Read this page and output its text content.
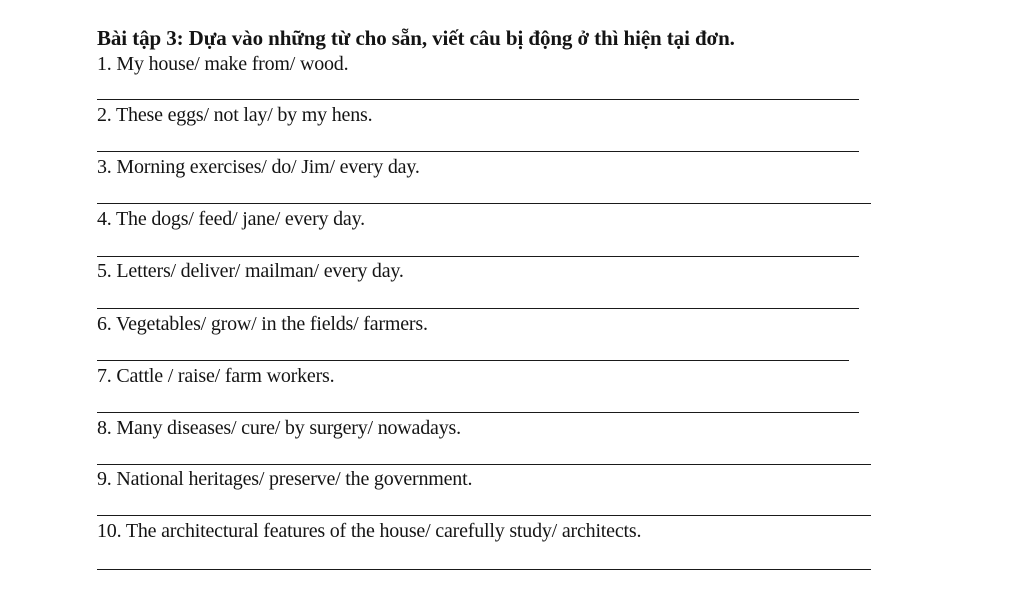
Bài tập 3: Dựa vào những từ cho sẵn, viết câu bị động ở thì hiện tại đơn.
1. My house/ make from/ wood.
2. These eggs/ not lay/ by my hens.
3. Morning exercises/ do/ Jim/ every day.
4. The dogs/ feed/ jane/ every day.
5. Letters/ deliver/ mailman/ every day.
6. Vegetables/ grow/ in the fields/ farmers.
7. Cattle / raise/ farm workers.
8. Many diseases/ cure/ by surgery/ nowadays.
9. National heritages/ preserve/ the government.
10. The architectural features of the house/ carefully study/ architects.
